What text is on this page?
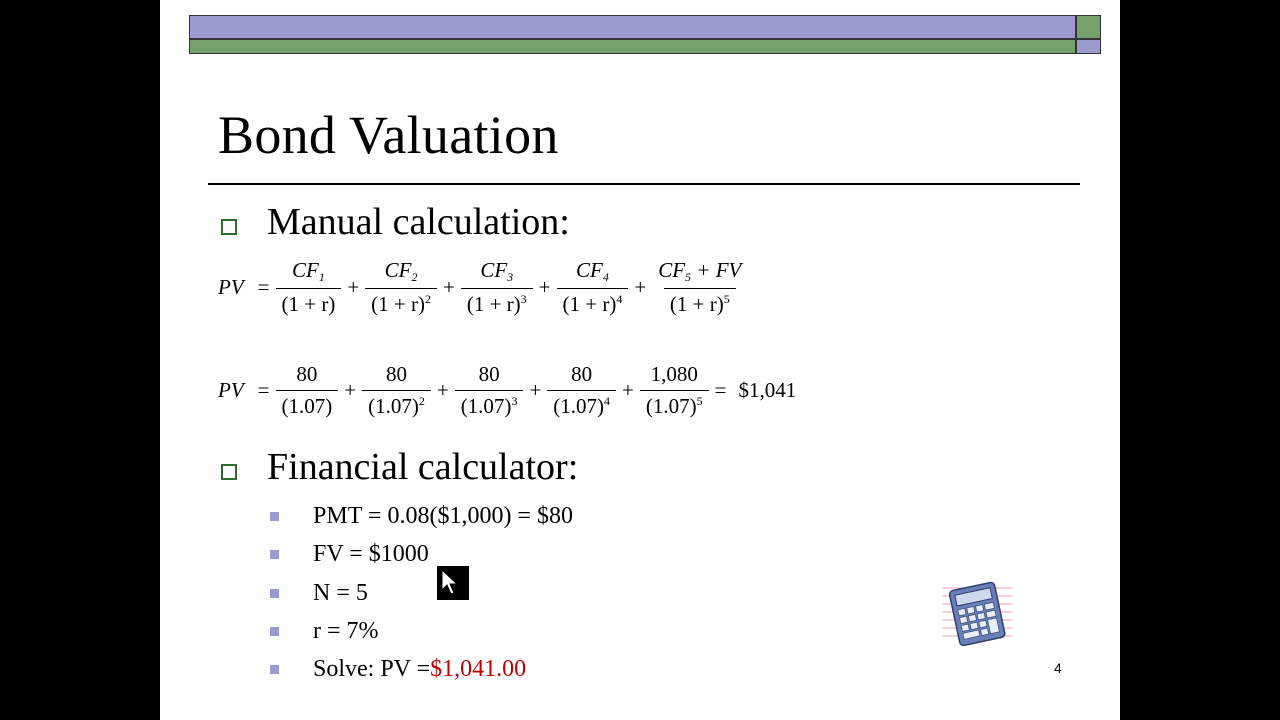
Bond Valuation
Manual calculation:
PV = $\frac{CF_1}{(1 + r)} + \frac{CF_2}{(1 + r)^2} + \frac{CF_3}{(1 + r)^3} + \frac{CF_4}{(1 + r)^4} + \frac{CF_5 + FV}{(1 + r)^5}$
PV = $\frac{80}{(1.07)} + \frac{80}{(1.07)^2} + \frac{80}{(1.07)^3} + \frac{80}{(1.07)^4} + \frac{1,080}{(1.07)^5}$ = $1,041
Financial calculator:
PMT = 0.08($1,000) = $80
FV = $1000
N = 5
r = 7%
Solve: PV = $1,041.00	4
